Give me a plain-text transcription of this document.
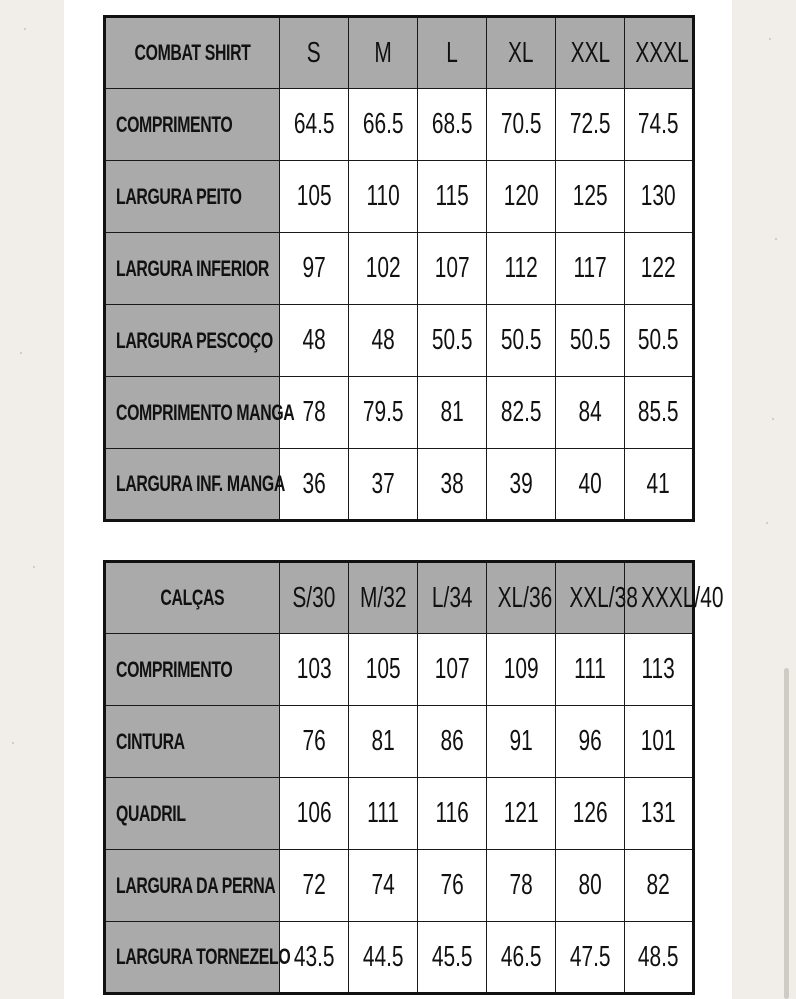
COMBAT SHIRT	S	M	L	XL	XXL	XXXL
COMPRIMENTO	64.5	66.5	68.5	70.5	72.5	74.5
LARGURA PEITO	105	110	115	120	125	130
LARGURA INFERIOR	97	102	107	112	117	122
LARGURA PESCOÇO	48	48	50.5	50.5	50.5	50.5
COMPRIMENTO MANGA	78	79.5	81	82.5	84	85.5
LARGURA INF. MANGA	36	37	38	39	40	41
CALÇAS	S/30	M/32	L/34	XL/36	XXL/38	XXXL/40
COMPRIMENTO	103	105	107	109	111	113
CINTURA	76	81	86	91	96	101
QUADRIL	106	111	116	121	126	131
LARGURA DA PERNA	72	74	76	78	80	82
LARGURA TORNEZELO	43.5	44.5	45.5	46.5	47.5	48.5
